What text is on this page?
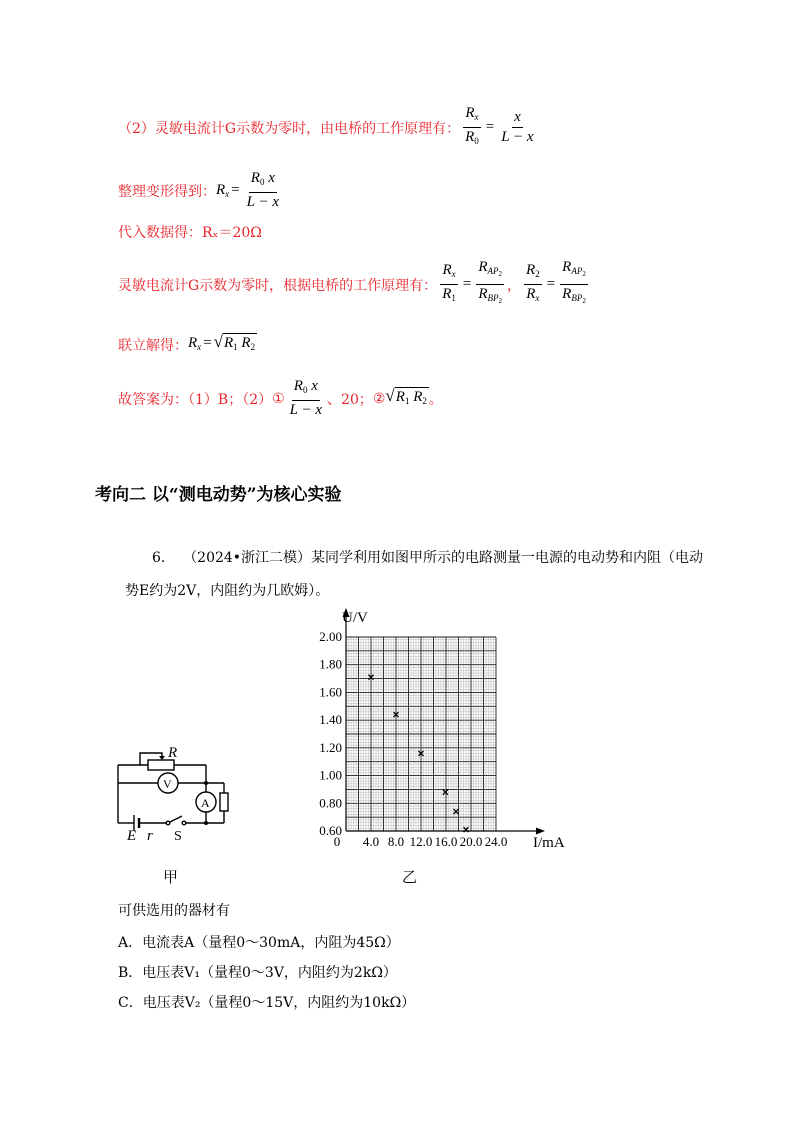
（2）灵敏电流计G示数为零时，由电桥的工作原理有： $\frac{R_x}{R_0} = \frac{x}{L - x}$
整理变形得到： $R_x = \frac{R_0 x}{L - x}$
代入数据得：Rₓ＝20Ω
灵敏电流计G示数为零时，根据电桥的工作原理有： $\frac{R_x}{R_1} = \frac{R_{AP_2}}{R_{BP_2}}$ ， $\frac{R_2}{R_x} = \frac{R_{AP_2}}{R_{BP_2}}$
联立解得： $R_x$ = √ $R_1$ $R_2$
故答案为：（1）B；（2） ① $\frac{R_0 x}{L - x}$ 、20； ② √ $R_1$ $R_2$ 。
考向二 以“测电动势”为核心实验
6. （2024•浙江二模）某同学利用如图甲所示的电路测量一电源的电动势和内阻（电动
势E约为2V，内阻约为几欧姆）。
R
V
A
E r S
甲
0 4.0 8.0 12.0 16.0 20.0 24.0
0.60
0.80
1.00
1.20
1.40
1.60
1.80
2.00
U/V
I/mA
乙
可供选用的器材有
A．电流表A（量程0～30mA，内阻为45Ω）
B．电压表V₁（量程0～3V，内阻约为2kΩ）
C．电压表V₂（量程0～15V，内阻约为10kΩ）
